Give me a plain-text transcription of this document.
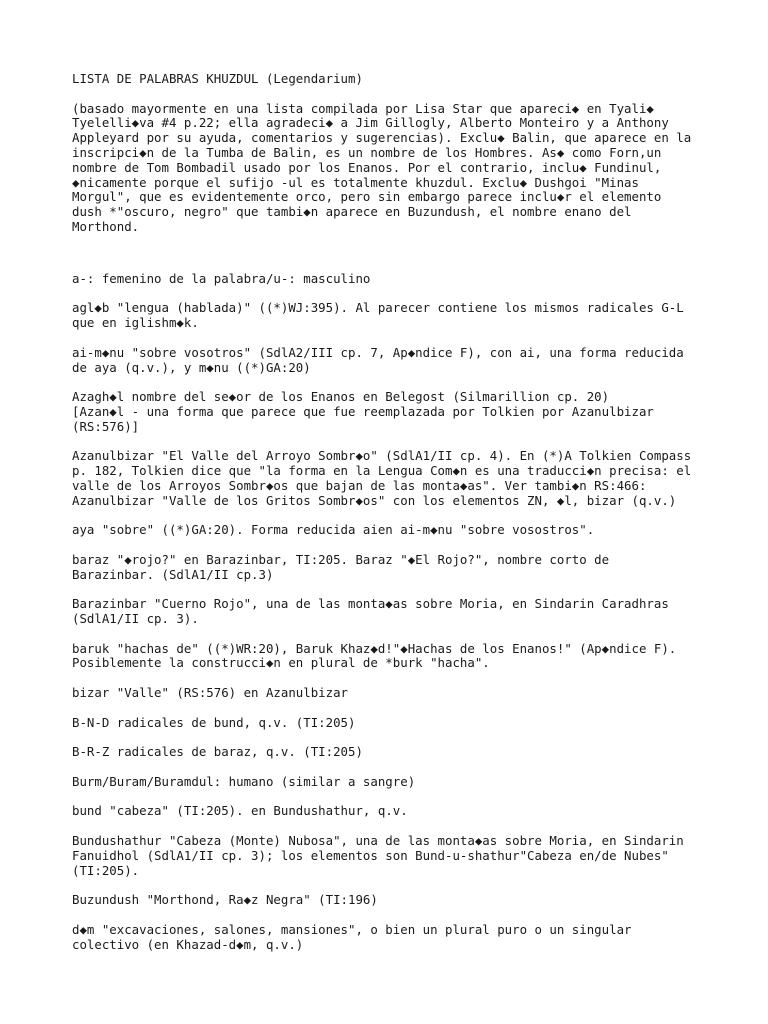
LISTA DE PALABRAS KHUZDUL (Legendarium)

(basado mayormente en una lista compilada por Lisa Star que apareci◆ en Tyali◆
Tyelelli◆va #4 p.22; ella agradeci◆ a Jim Gillogly, Alberto Monteiro y a Anthony
Appleyard por su ayuda, comentarios y sugerencias). Exclu◆ Balin, que aparece en la
inscripci◆n de la Tumba de Balin, es un nombre de los Hombres. As◆ como Forn,un
nombre de Tom Bombadil usado por los Enanos. Por el contrario, inclu◆ Fundinul,
◆nicamente porque el sufijo -ul es totalmente khuzdul. Exclu◆ Dushgoi "Minas
Morgul", que es evidentemente orco, pero sin embargo parece inclu◆r el elemento
dush *"oscuro, negro" que tambi◆n aparece en Buzundush, el nombre enano del
Morthond.

a-: femenino de la palabra/u-: masculino

agl◆b "lengua (hablada)" ((*)WJ:395). Al parecer contiene los mismos radicales G-L
que en iglishm◆k.

ai-m◆nu "sobre vosotros" (SdlA2/III cp. 7, Ap◆ndice F), con ai, una forma reducida
de aya (q.v.), y m◆nu ((*)GA:20)

Azagh◆l nombre del se◆or de los Enanos en Belegost (Silmarillion cp. 20)
[Azan◆l - una forma que parece que fue reemplazada por Tolkien por Azanulbizar
(RS:576)]

Azanulbizar "El Valle del Arroyo Sombr◆o" (SdlA1/II cp. 4). En (*)A Tolkien Compass
p. 182, Tolkien dice que "la forma en la Lengua Com◆n es una traducci◆n precisa: el
valle de los Arroyos Sombr◆os que bajan de las monta◆as". Ver tambi◆n RS:466:
Azanulbizar "Valle de los Gritos Sombr◆os" con los elementos ZN, ◆l, bizar (q.v.)

aya "sobre" ((*)GA:20). Forma reducida aien ai-m◆nu "sobre vosostros".

baraz "◆rojo?" en Barazinbar, TI:205. Baraz "◆El Rojo?", nombre corto de
Barazinbar. (SdlA1/II cp.3)

Barazinbar "Cuerno Rojo", una de las monta◆as sobre Moria, en Sindarin Caradhras
(SdlA1/II cp. 3).

baruk "hachas de" ((*)WR:20), Baruk Khaz◆d!"◆Hachas de los Enanos!" (Ap◆ndice F).
Posiblemente la construcci◆n en plural de *burk "hacha".

bizar "Valle" (RS:576) en Azanulbizar

B-N-D radicales de bund, q.v. (TI:205)

B-R-Z radicales de baraz, q.v. (TI:205)

Burm/Buram/Buramdul: humano (similar a sangre)

bund "cabeza" (TI:205). en Bundushathur, q.v.

Bundushathur "Cabeza (Monte) Nubosa", una de las monta◆as sobre Moria, en Sindarin
Fanuidhol (SdlA1/II cp. 3); los elementos son Bund-u-shathur"Cabeza en/de Nubes"
(TI:205).

Buzundush "Morthond, Ra◆z Negra" (TI:196)

d◆m "excavaciones, salones, mansiones", o bien un plural puro o un singular
colectivo (en Khazad-d◆m, q.v.)
